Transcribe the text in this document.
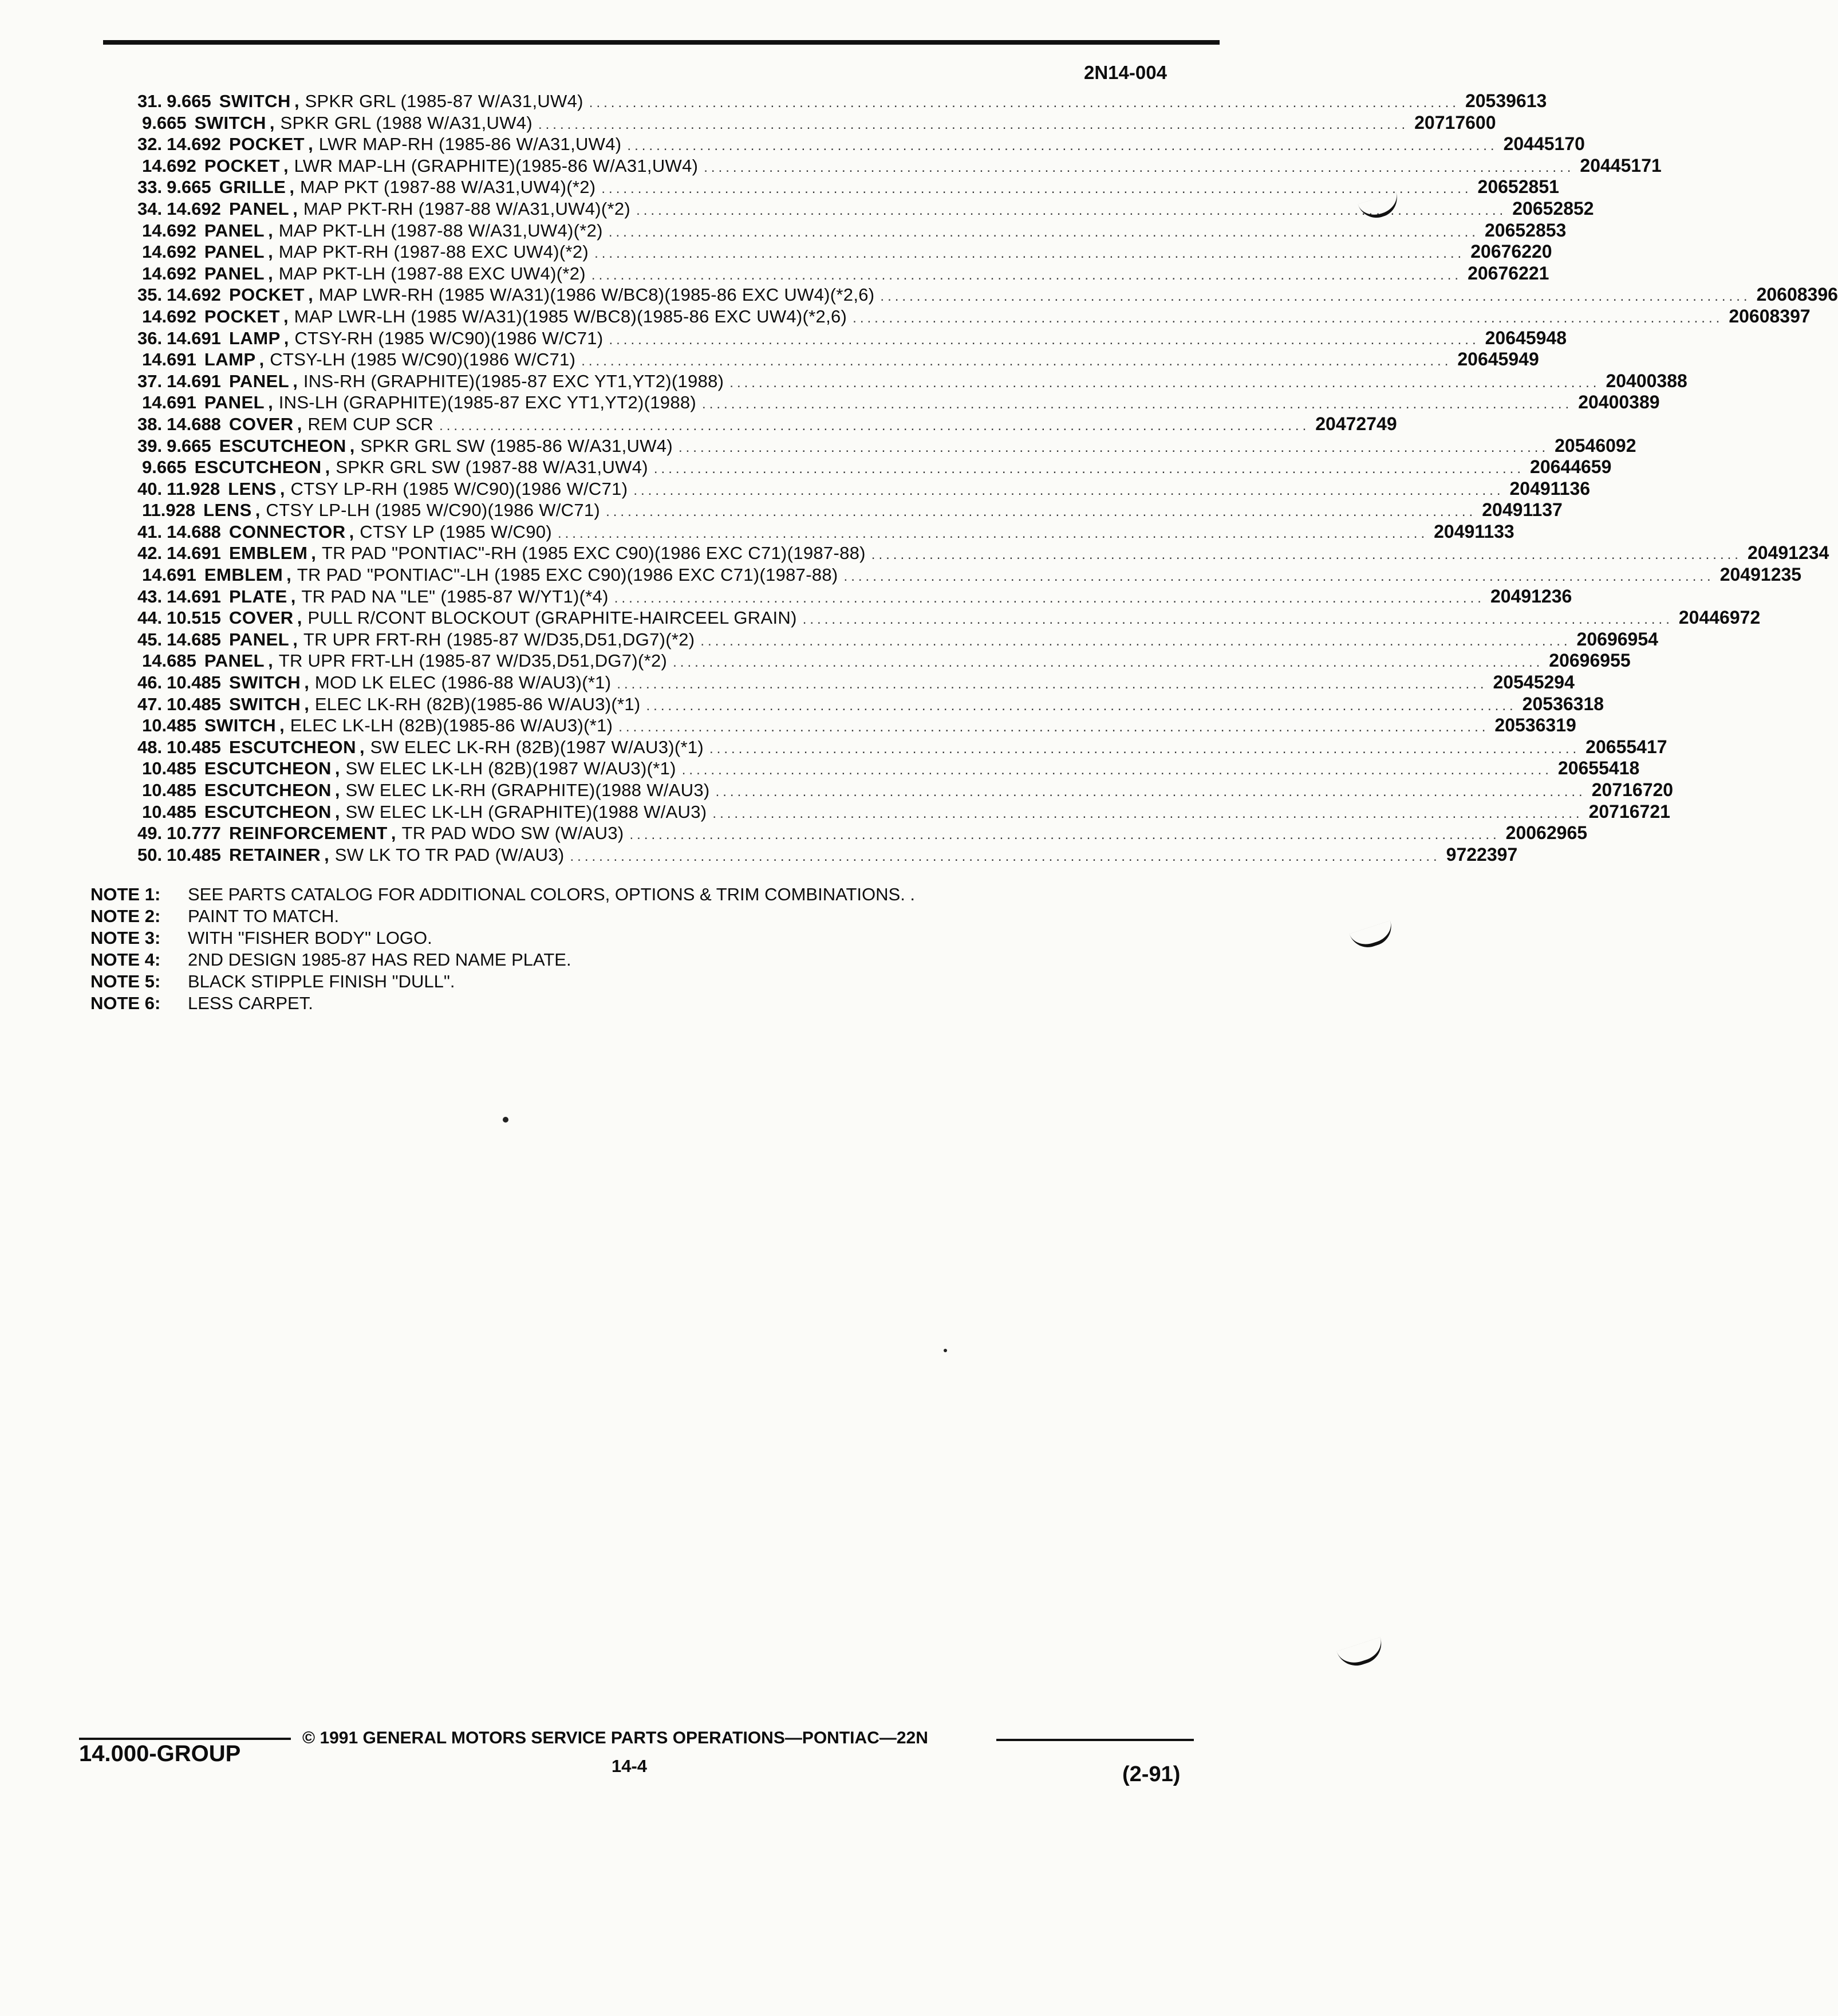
2N14-004
31. 9.665 SWITCH , SPKR GRL (1985-87 W/A31,UW4) ........................................................................................................................ 20539613
9.665 SWITCH , SPKR GRL (1988 W/A31,UW4) ........................................................................................................................ 20717600
32. 14.692 POCKET , LWR MAP-RH (1985-86 W/A31,UW4) ........................................................................................................................ 20445170
14.692 POCKET , LWR MAP-LH (GRAPHITE)(1985-86 W/A31,UW4) ........................................................................................................................ 20445171
33. 9.665 GRILLE , MAP PKT (1987-88 W/A31,UW4)(*2) ........................................................................................................................ 20652851
34. 14.692 PANEL , MAP PKT-RH (1987-88 W/A31,UW4)(*2) ........................................................................................................................ 20652852
14.692 PANEL , MAP PKT-LH (1987-88 W/A31,UW4)(*2) ........................................................................................................................ 20652853
14.692 PANEL , MAP PKT-RH (1987-88 EXC UW4)(*2) ........................................................................................................................ 20676220
14.692 PANEL , MAP PKT-LH (1987-88 EXC UW4)(*2) ........................................................................................................................ 20676221
35. 14.692 POCKET , MAP LWR-RH (1985 W/A31)(1986 W/BC8)(1985-86 EXC UW4)(*2,6) ........................................................................................................................ 20608396
14.692 POCKET , MAP LWR-LH (1985 W/A31)(1985 W/BC8)(1985-86 EXC UW4)(*2,6) ........................................................................................................................ 20608397
36. 14.691 LAMP , CTSY-RH (1985 W/C90)(1986 W/C71) ........................................................................................................................ 20645948
14.691 LAMP , CTSY-LH (1985 W/C90)(1986 W/C71) ........................................................................................................................ 20645949
37. 14.691 PANEL , INS-RH (GRAPHITE)(1985-87 EXC YT1,YT2)(1988) ........................................................................................................................ 20400388
14.691 PANEL , INS-LH (GRAPHITE)(1985-87 EXC YT1,YT2)(1988) ........................................................................................................................ 20400389
38. 14.688 COVER , REM CUP SCR ........................................................................................................................ 20472749
39. 9.665 ESCUTCHEON , SPKR GRL SW (1985-86 W/A31,UW4) ........................................................................................................................ 20546092
9.665 ESCUTCHEON , SPKR GRL SW (1987-88 W/A31,UW4) ........................................................................................................................ 20644659
40. 11.928 LENS , CTSY LP-RH (1985 W/C90)(1986 W/C71) ........................................................................................................................ 20491136
11.928 LENS , CTSY LP-LH (1985 W/C90)(1986 W/C71) ........................................................................................................................ 20491137
41. 14.688 CONNECTOR , CTSY LP (1985 W/C90) ........................................................................................................................ 20491133
42. 14.691 EMBLEM , TR PAD "PONTIAC"-RH (1985 EXC C90)(1986 EXC C71)(1987-88) ........................................................................................................................ 20491234
14.691 EMBLEM , TR PAD "PONTIAC"-LH (1985 EXC C90)(1986 EXC C71)(1987-88) ........................................................................................................................ 20491235
43. 14.691 PLATE , TR PAD NA "LE" (1985-87 W/YT1)(*4) ........................................................................................................................ 20491236
44. 10.515 COVER , PULL R/CONT BLOCKOUT (GRAPHITE-HAIRCEEL GRAIN) ........................................................................................................................ 20446972
45. 14.685 PANEL , TR UPR FRT-RH (1985-87 W/D35,D51,DG7)(*2) ........................................................................................................................ 20696954
14.685 PANEL , TR UPR FRT-LH (1985-87 W/D35,D51,DG7)(*2) ........................................................................................................................ 20696955
46. 10.485 SWITCH , MOD LK ELEC (1986-88 W/AU3)(*1) ........................................................................................................................ 20545294
47. 10.485 SWITCH , ELEC LK-RH (82B)(1985-86 W/AU3)(*1) ........................................................................................................................ 20536318
10.485 SWITCH , ELEC LK-LH (82B)(1985-86 W/AU3)(*1) ........................................................................................................................ 20536319
48. 10.485 ESCUTCHEON , SW ELEC LK-RH (82B)(1987 W/AU3)(*1) ........................................................................................................................ 20655417
10.485 ESCUTCHEON , SW ELEC LK-LH (82B)(1987 W/AU3)(*1) ........................................................................................................................ 20655418
10.485 ESCUTCHEON , SW ELEC LK-RH (GRAPHITE)(1988 W/AU3) ........................................................................................................................ 20716720
10.485 ESCUTCHEON , SW ELEC LK-LH (GRAPHITE)(1988 W/AU3) ........................................................................................................................ 20716721
49. 10.777 REINFORCEMENT , TR PAD WDO SW (W/AU3) ........................................................................................................................ 20062965
50. 10.485 RETAINER , SW LK TO TR PAD (W/AU3) ........................................................................................................................ 9722397
NOTE 1: SEE PARTS CATALOG FOR ADDITIONAL COLORS, OPTIONS & TRIM COMBINATIONS. .
NOTE 2: PAINT TO MATCH.
NOTE 3: WITH "FISHER BODY" LOGO.
NOTE 4: 2ND DESIGN 1985-87 HAS RED NAME PLATE.
NOTE 5: BLACK STIPPLE FINISH "DULL".
NOTE 6: LESS CARPET.
14.000-GROUP
© 1991 GENERAL MOTORS SERVICE PARTS OPERATIONS—PONTIAC—22N
14-4	(2-91)
